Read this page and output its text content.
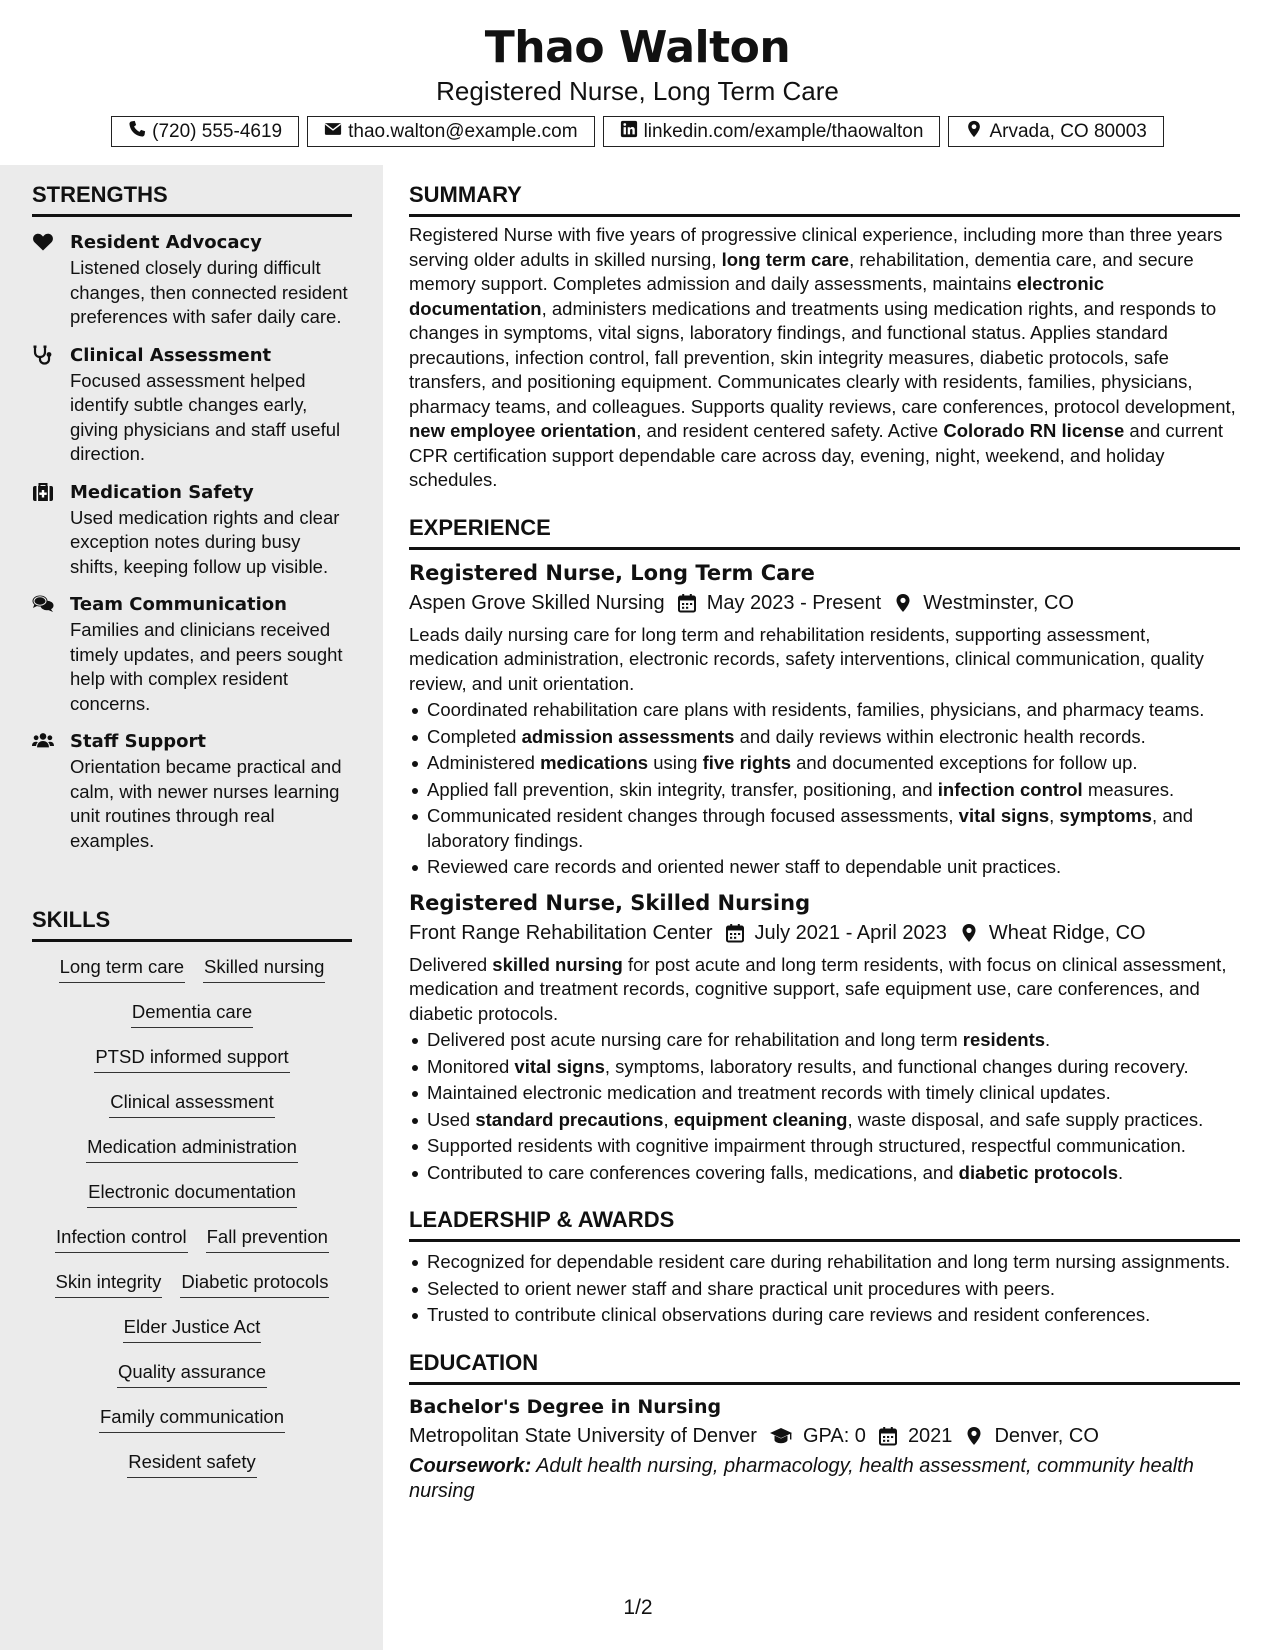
Thao Walton
Registered Nurse, Long Term Care
(720) 555-4619	thao.walton@example.com	linkedin.com/example/thaowalton	Arvada, CO 80003
STRENGTHS
Resident Advocacy

Listened closely during difficult changes, then connected resident preferences with safer daily care.

Clinical Assessment

Focused assessment helped identify subtle changes early, giving physicians and staff useful direction.

Medication Safety

Used medication rights and clear exception notes during busy shifts, keeping follow up visible.

Team Communication

Families and clinicians received timely updates, and peers sought help with complex resident concerns.

Staff Support

Orientation became practical and calm, with newer nurses learning unit routines through real examples.

SKILLS
Long term care Skilled nursing
Dementia care
PTSD informed support
Clinical assessment
Medication administration
Electronic documentation
Infection control Fall prevention
Skin integrity Diabetic protocols
Elder Justice Act
Quality assurance
Family communication
Resident safety
SUMMARY

Registered Nurse with five years of progressive clinical experience, including more than three years serving older adults in skilled nursing, long term care, rehabilitation, dementia care, and secure memory support. Completes admission and daily assessments, maintains electronic documentation, administers medications and treatments using medication rights, and responds to changes in symptoms, vital signs, laboratory findings, and functional status. Applies standard precautions, infection control, fall prevention, skin integrity measures, diabetic protocols, safe transfers, and positioning equipment. Communicates clearly with residents, families, physicians, pharmacy teams, and colleagues. Supports quality reviews, care conferences, protocol development, new employee orientation, and resident centered safety. Active Colorado RN license and current CPR certification support dependable care across day, evening, night, weekend, and holiday schedules.

EXPERIENCE
Registered Nurse, Long Term Care
Aspen Grove Skilled Nursing May 2023 - Present Westminster, CO

Leads daily nursing care for long term and rehabilitation residents, supporting assessment, medication administration, electronic records, safety interventions, clinical communication, quality review, and unit orientation.

Coordinated rehabilitation care plans with residents, families, physicians, and pharmacy teams.
Completed admission assessments and daily reviews within electronic health records.
Administered medications using five rights and documented exceptions for follow up.
Applied fall prevention, skin integrity, transfer, positioning, and infection control measures.
Communicated resident changes through focused assessments, vital signs, symptoms, and laboratory findings.
Reviewed care records and oriented newer staff to dependable unit practices.
Registered Nurse, Skilled Nursing
Front Range Rehabilitation Center July 2021 - April 2023 Wheat Ridge, CO

Delivered skilled nursing for post acute and long term residents, with focus on clinical assessment, medication and treatment records, cognitive support, safe equipment use, care conferences, and diabetic protocols.

Delivered post acute nursing care for rehabilitation and long term residents.
Monitored vital signs, symptoms, laboratory results, and functional changes during recovery.
Maintained electronic medication and treatment records with timely clinical updates.
Used standard precautions, equipment cleaning, waste disposal, and safe supply practices.
Supported residents with cognitive impairment through structured, respectful communication.
Contributed to care conferences covering falls, medications, and diabetic protocols.
LEADERSHIP & AWARDS
Recognized for dependable resident care during rehabilitation and long term nursing assignments.
Selected to orient newer staff and share practical unit procedures with peers.
Trusted to contribute clinical observations during care reviews and resident conferences.
EDUCATION
Bachelor's Degree in Nursing
Metropolitan State University of Denver GPA: 0 2021 Denver, CO

Coursework: Adult health nursing, pharmacology, health assessment, community health nursing

1/2
